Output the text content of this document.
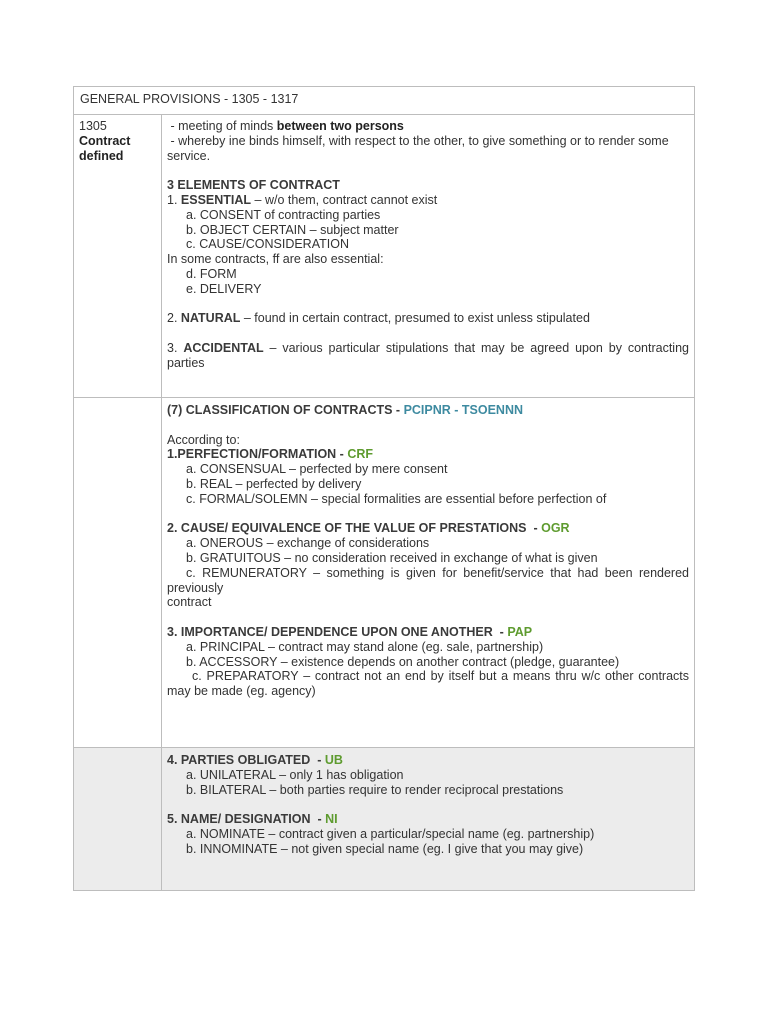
GENERAL PROVISIONS - 1305 - 1317
1305
Contract
defined
- meeting of minds between two persons
- whereby ine binds himself, with respect to the other, to give something or to render some service.
3 ELEMENTS OF CONTRACT
1. ESSENTIAL – w/o them, contract cannot exist
a. CONSENT of contracting parties
b. OBJECT CERTAIN – subject matter
c. CAUSE/CONSIDERATION
In some contracts, ff are also essential:
d. FORM
e. DELIVERY
2. NATURAL – found in certain contract, presumed to exist unless stipulated
3. ACCIDENTAL – various particular stipulations that may be agreed upon by contracting parties
(7) CLASSIFICATION OF CONTRACTS - PCIPNR - TSOENNN
According to:
1.PERFECTION/FORMATION - CRF
a. CONSENSUAL – perfected by mere consent
b. REAL – perfected by delivery
c. FORMAL/SOLEMN – special formalities are essential before perfection of
2. CAUSE/ EQUIVALENCE OF THE VALUE OF PRESTATIONS  - OGR
a. ONEROUS – exchange of considerations
b. GRATUITOUS – no consideration received in exchange of what is given
c. REMUNERATORY – something is given for benefit/service that had been rendered previously
contract
3. IMPORTANCE/ DEPENDENCE UPON ONE ANOTHER  - PAP
a. PRINCIPAL – contract may stand alone (eg. sale, partnership)
b. ACCESSORY – existence depends on another contract (pledge, guarantee)
c. PREPARATORY – contract not an end by itself but a means thru w/c other contracts may be made (eg. agency)
4. PARTIES OBLIGATED  - UB
a. UNILATERAL – only 1 has obligation
b. BILATERAL – both parties require to render reciprocal prestations
5. NAME/ DESIGNATION  - NI
a. NOMINATE – contract given a particular/special name (eg. partnership)
b. INNOMINATE – not given special name (eg. I give that you may give)
